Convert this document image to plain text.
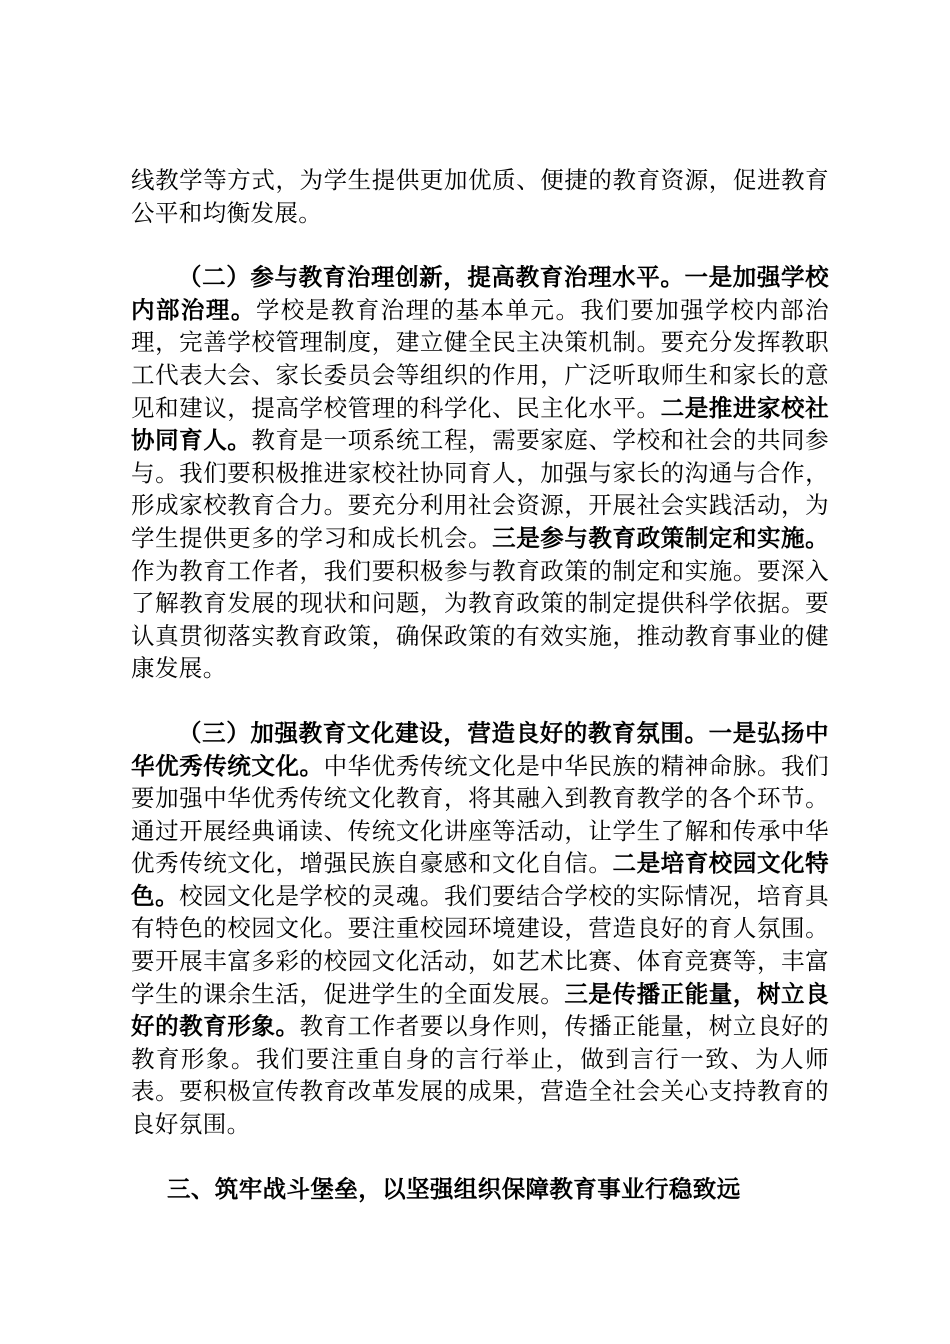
线教学等方式，为学生提供更加优质、便捷的教育资源，促进教育公平和均衡发展。

（二）参与教育治理创新，提高教育治理水平。一是加强学校内部治理。学校是教育治理的基本单元。我们要加强学校内部治理，完善学校管理制度，建立健全民主决策机制。要充分发挥教职工代表大会、家长委员会等组织的作用，广泛听取师生和家长的意见和建议，提高学校管理的科学化、民主化水平。二是推进家校社协同育人。教育是一项系统工程，需要家庭、学校和社会的共同参与。我们要积极推进家校社协同育人，加强与家长的沟通与合作，形成家校教育合力。要充分利用社会资源，开展社会实践活动，为学生提供更多的学习和成长机会。三是参与教育政策制定和实施。作为教育工作者，我们要积极参与教育政策的制定和实施。要深入了解教育发展的现状和问题，为教育政策的制定提供科学依据。要认真贯彻落实教育政策，确保政策的有效实施，推动教育事业的健康发展。

（三）加强教育文化建设，营造良好的教育氛围。一是弘扬中华优秀传统文化。中华优秀传统文化是中华民族的精神命脉。我们要加强中华优秀传统文化教育，将其融入到教育教学的各个环节。通过开展经典诵读、传统文化讲座等活动，让学生了解和传承中华优秀传统文化，增强民族自豪感和文化自信。二是培育校园文化特色。校园文化是学校的灵魂。我们要结合学校的实际情况，培育具有特色的校园文化。要注重校园环境建设，营造良好的育人氛围。要开展丰富多彩的校园文化活动，如艺术比赛、体育竞赛等，丰富学生的课余生活，促进学生的全面发展。三是传播正能量，树立良好的教育形象。教育工作者要以身作则，传播正能量，树立良好的教育形象。我们要注重自身的言行举止，做到言行一致、为人师表。要积极宣传教育改革发展的成果，营造全社会关心支持教育的良好氛围。

三、筑牢战斗堡垒，以坚强组织保障教育事业行稳致远
